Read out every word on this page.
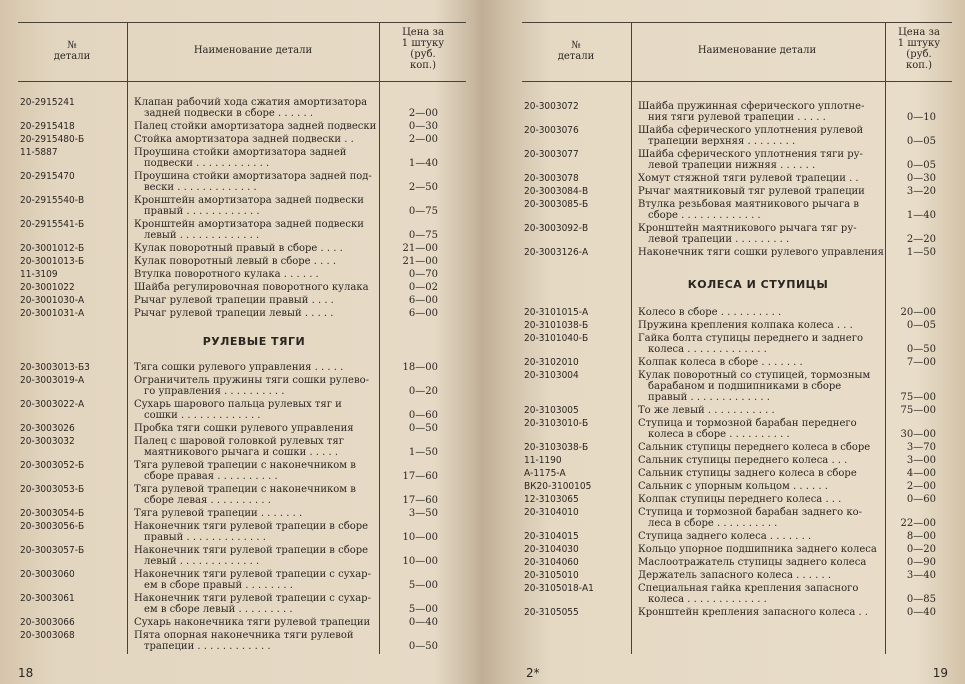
№
детали
Наименование детали
Цена за
1 штуку
(руб.
коп.)
20-2915241	Клапан рабочий хода сжатия амортизатора
задней подвески в сборе . . . . . .	2—00
20-2915418	Палец стойки амортизатора задней подвески	0—30
20-2915480-Б	Стойка амортизатора задней подвески . .	2—00
11-5887	Проушина стойки амортизатора задней
подвески . . . . . . . . . . . .	1—40
20-2915470	Проушина стойки амортизатора задней под-
вески . . . . . . . . . . . . .	2—50
20-2915540-В	Кронштейн амортизатора задней подвески
правый . . . . . . . . . . . .	0—75
20-2915541-Б	Кронштейн амортизатора задней подвески
левый . . . . . . . . . . . . .	0—75
20-3001012-Б	Кулак поворотный правый в сборе . . . .	21—00
20-3001013-Б	Кулак поворотный левый в сборе . . . .	21—00
11-3109	Втулка поворотного кулака . . . . . .	0—70
20-3001022	Шайба регулировочная поворотного кулака	0—02
20-3001030-А	Рычаг рулевой трапеции правый . . . .	6—00
20-3001031-А	Рычаг рулевой трапеции левый . . . . .	6—00
РУЛЕВЫЕ ТЯГИ
20-3003013-Б3	Тяга сошки рулевого управления . . . . .	18—00
20-3003019-А	Ограничитель пружины тяги сошки рулево-
го управления . . . . . . . . . .	0—20
20-3003022-А	Сухарь шарового пальца рулевых тяг и
сошки . . . . . . . . . . . . .	0—60
20-3003026	Пробка тяги сошки рулевого управления	0—50
20-3003032	Палец с шаровой головкой рулевых тяг
маятникового рычага и сошки . . . . .	1—50
20-3003052-Б	Тяга рулевой трапеции с наконечником в
сборе правая . . . . . . . . . .	17—60
20-3003053-Б	Тяга рулевой трапеции с наконечником в
сборе левая . . . . . . . . . .	17—60
20-3003054-Б	Тяга рулевой трапеции . . . . . . .	3—50
20-3003056-Б	Наконечник тяги рулевой трапеции в сборе
правый . . . . . . . . . . . . .	10—00
20-3003057-Б	Наконечник тяги рулевой трапеции в сборе
левый . . . . . . . . . . . . .	10—00
20-3003060	Наконечник тяги рулевой трапеции с сухар-
ем в сборе правый . . . . . . . .	5—00
20-3003061	Наконечник тяги рулевой трапеции с сухар-
ем в сборе левый . . . . . . . . .	5—00
20-3003066	Сухарь наконечника тяги рулевой трапеции	0—40
20-3003068	Пята опорная наконечника тяги рулевой
трапеции . . . . . . . . . . . .	0—50
18
№
детали
Наименование детали
Цена за
1 штуку
(руб.
коп.)
20-3003072	Шайба пружинная сферического уплотне-
ния тяги рулевой трапеции . . . . .	0—10
20-3003076	Шайба сферического уплотнения рулевой
трапеции верхняя . . . . . . . .	0—05
20-3003077	Шайба сферического уплотнения тяги ру-
левой трапеции нижняя . . . . . .	0—05
20-3003078	Хомут стяжной тяги рулевой трапеции . .	0—30
20-3003084-В	Рычаг маятниковый тяг рулевой трапеции	3—20
20-3003085-Б	Втулка резьбовая маятникового рычага в
сборе . . . . . . . . . . . . .	1—40
20-3003092-В	Кронштейн маятникового рычага тяг ру-
левой трапеции . . . . . . . . .	2—20
20-3003126-А	Наконечник тяги сошки рулевого управления	1—50
КОЛЕСА И СТУПИЦЫ
20-3101015-А	Колесо в сборе . . . . . . . . . .	20—00
20-3101038-Б	Пружина крепления колпака колеса . . .	0—05
20-3101040-Б	Гайка болта ступицы переднего и заднего
колеса . . . . . . . . . . . . .	0—50
20-3102010	Колпак колеса в сборе . . . . . . .	7—00
20-3103004	Кулак поворотный со ступицей, тормозным
барабаном и подшипниками в сборе
правый . . . . . . . . . . . . .	75—00
20-3103005	То же левый . . . . . . . . . . .	75—00
20-3103010-Б	Ступица и тормозной барабан переднего
колеса в сборе . . . . . . . . . .	30—00
20-3103038-Б	Сальник ступицы переднего колеса в сборе	3—70
11-1190	Сальник ступицы переднего колеса . . .	3—00
А-1175-А	Сальник ступицы заднего колеса в сборе	4—00
ВК20-3100105	Сальник с упорным кольцом . . . . . .	2—00
12-3103065	Колпак ступицы переднего колеса . . .	0—60
20-3104010	Ступица и тормозной барабан заднего ко-
леса в сборе . . . . . . . . . .	22—00
20-3104015	Ступица заднего колеса . . . . . . .	8—00
20-3104030	Кольцо упорное подшипника заднего колеса	0—20
20-3104060	Маслоотражатель ступицы заднего колеса	0—90
20-3105010	Держатель запасного колеса . . . . . .	3—40
20-3105018-А1	Специальная гайка крепления запасного
колеса . . . . . . . . . . . . .	0—85
20-3105055	Кронштейн крепления запасного колеса . .	0—40
2*	19
